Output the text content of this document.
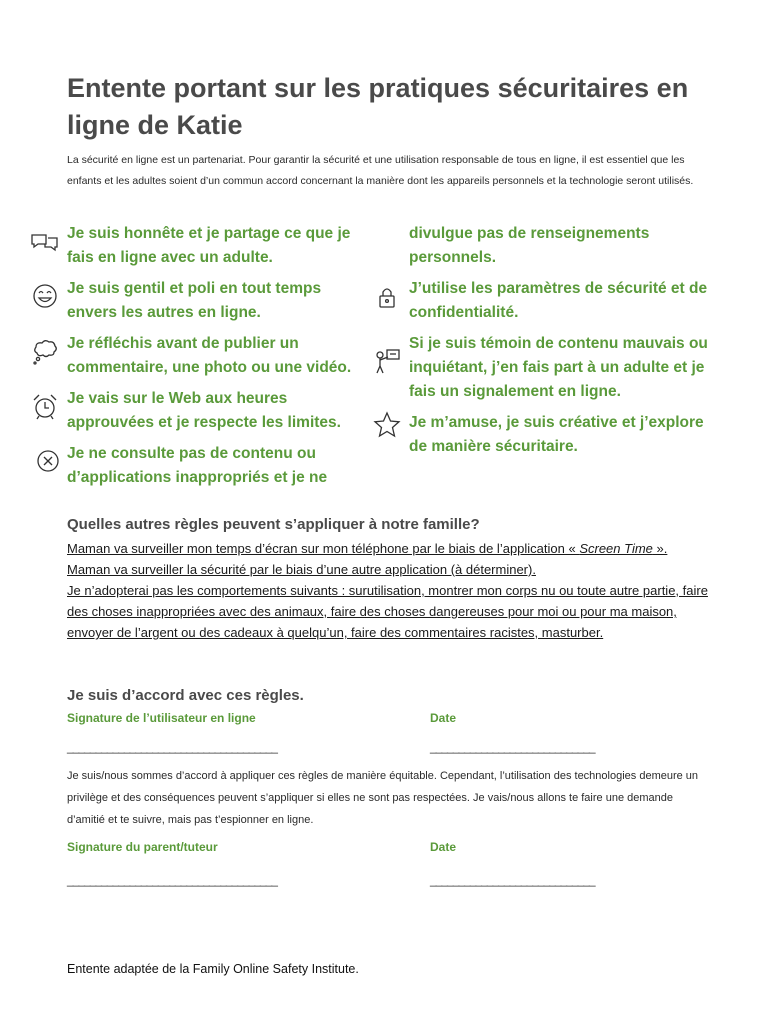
Entente portant sur les pratiques sécuritaires en ligne de Katie
La sécurité en ligne est un partenariat. Pour garantir la sécurité et une utilisation responsable de tous en ligne, il est essentiel que les enfants et les adultes soient d’un commun accord concernant la manière dont les appareils personnels et la technologie seront utilisés.
Je suis honnête et je partage ce que je fais en ligne avec un adulte.
Je suis gentil et poli en tout temps envers les autres en ligne.
Je réfléchis avant de publier un commentaire, une photo ou une vidéo.
Je vais sur le Web aux heures approuvées et je respecte les limites.
Je ne consulte pas de contenu ou d’applications inappropriés et je ne
divulgue pas de renseignements personnels.
J’utilise les paramètres de sécurité et de confidentialité.
Si je suis témoin de contenu mauvais ou inquiétant, j’en fais part à un adulte et je fais un signalement en ligne.
Je m’amuse, je suis créative et j’explore de manière sécuritaire.
Quelles autres règles peuvent s’appliquer à notre famille?
Maman va surveiller mon temps d’écran sur mon téléphone par le biais de l’application « Screen Time ».
Maman va surveiller la sécurité par le biais d’une autre application (à déterminer).
Je n’adopterai pas les comportements suivants : surutilisation, montrer mon corps nu ou toute autre partie, faire des choses inappropriées avec des animaux, faire des choses dangereuses pour moi ou pour ma maison, envoyer de l’argent ou des cadeaux à quelqu’un, faire des commentaires racistes, masturber.
Je suis d’accord avec ces règles.
Signature de l’utilisateur en ligne	Date
_____________________________________	_____________________________
Je suis/nous sommes d’accord à appliquer ces règles de manière équitable. Cependant, l’utilisation des technologies demeure un privilège et des conséquences peuvent s’appliquer si elles ne sont pas respectées. Je vais/nous allons te faire une demande d’amitié et te suivre, mais pas t’espionner en ligne.
Signature du parent/tuteur	Date
_____________________________________	_____________________________
Entente adaptée de la Family Online Safety Institute.
